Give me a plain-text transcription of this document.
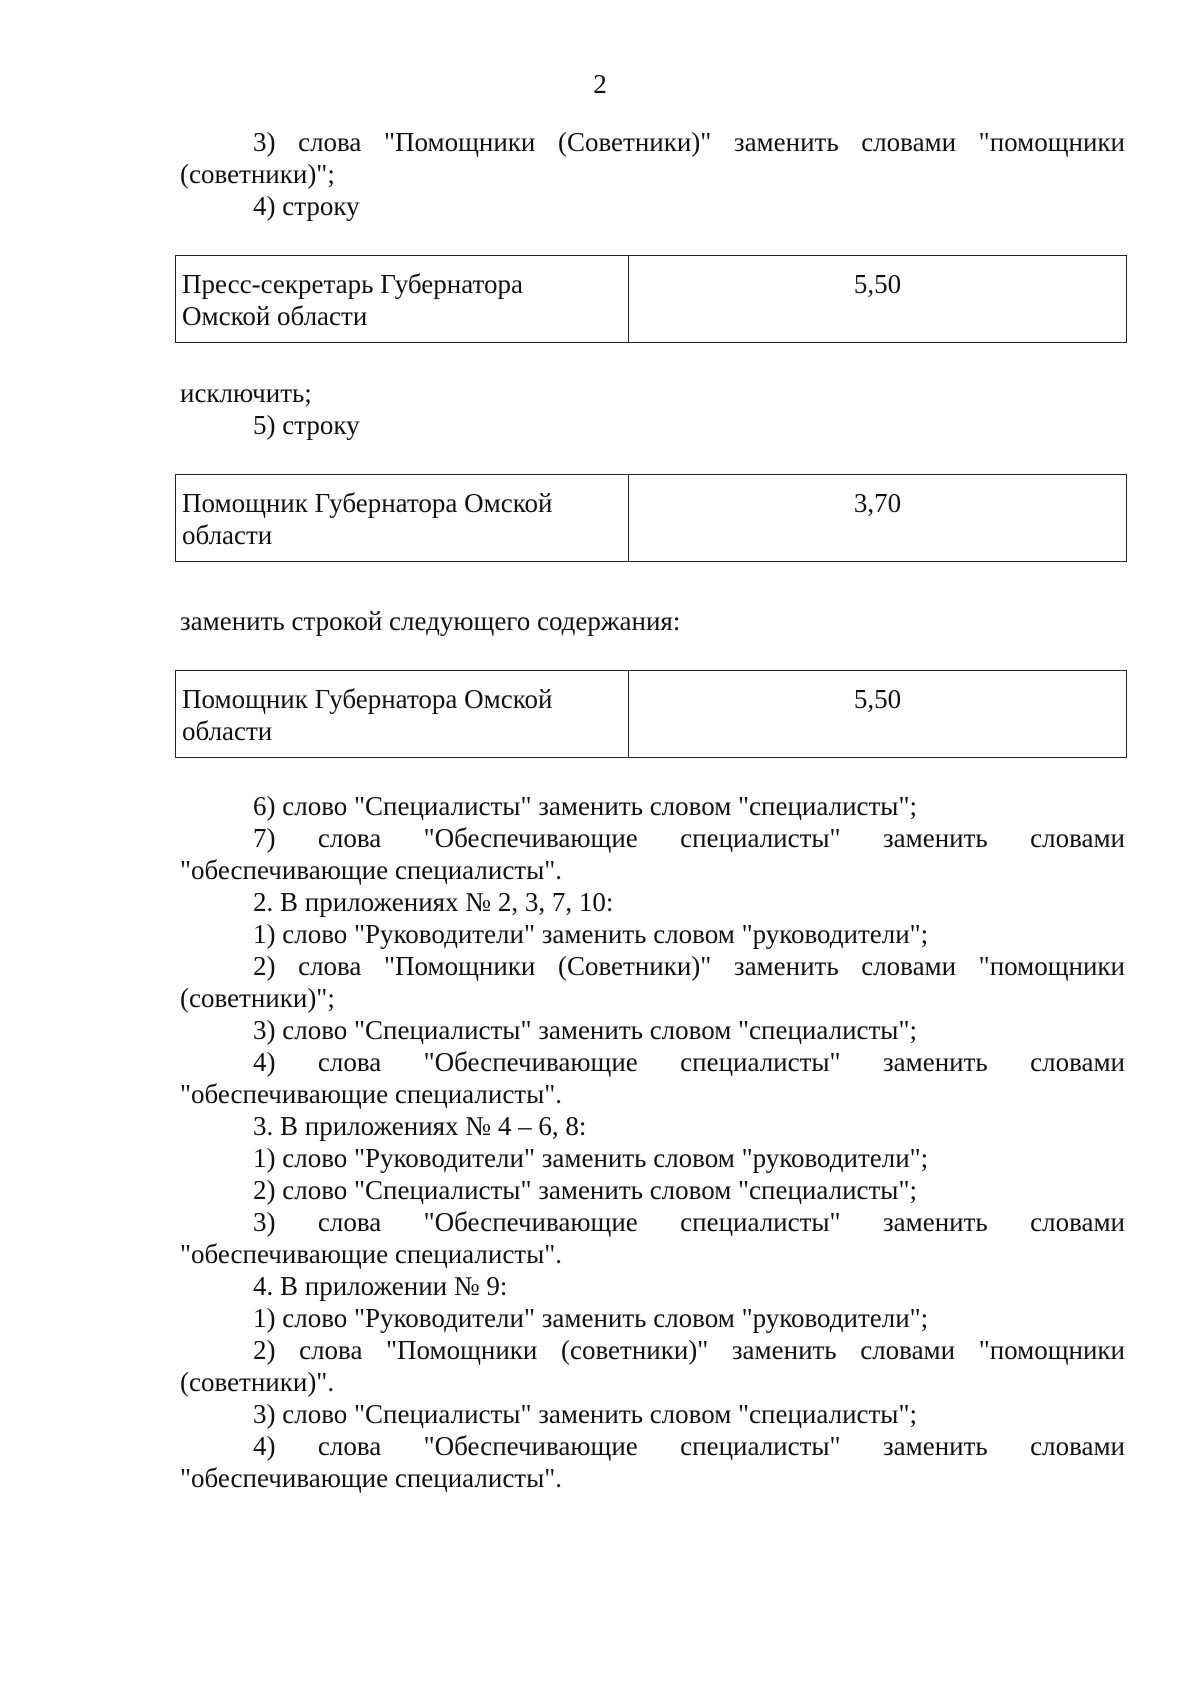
2

3) слова "Помощники (Советники)" заменить словами "помощники

(советники)";

4) строку

Пресс-секретарь Губернатора
Омской области	5,50

исключить;

5) строку

Помощник Губернатора Омской
области	3,70

заменить строкой следующего содержания:

Помощник Губернатора Омской
области	5,50

6) слово "Специалисты" заменить словом "специалисты";

7) слова "Обеспечивающие специалисты" заменить словами

"обеспечивающие специалисты".

2. В приложениях № 2, 3, 7, 10:

1) слово "Руководители" заменить словом "руководители";

2) слова "Помощники (Советники)" заменить словами "помощники

(советники)";

3) слово "Специалисты" заменить словом "специалисты";

4) слова "Обеспечивающие специалисты" заменить словами

"обеспечивающие специалисты".

3. В приложениях № 4 – 6, 8:

1) слово "Руководители" заменить словом "руководители";

2) слово "Специалисты" заменить словом "специалисты";

3) слова "Обеспечивающие специалисты" заменить словами

"обеспечивающие специалисты".

4. В приложении № 9:

1) слово "Руководители" заменить словом "руководители";

2) слова "Помощники (советники)" заменить словами "помощники

(советники)".

3) слово "Специалисты" заменить словом "специалисты";

4) слова "Обеспечивающие специалисты" заменить словами

"обеспечивающие специалисты".
